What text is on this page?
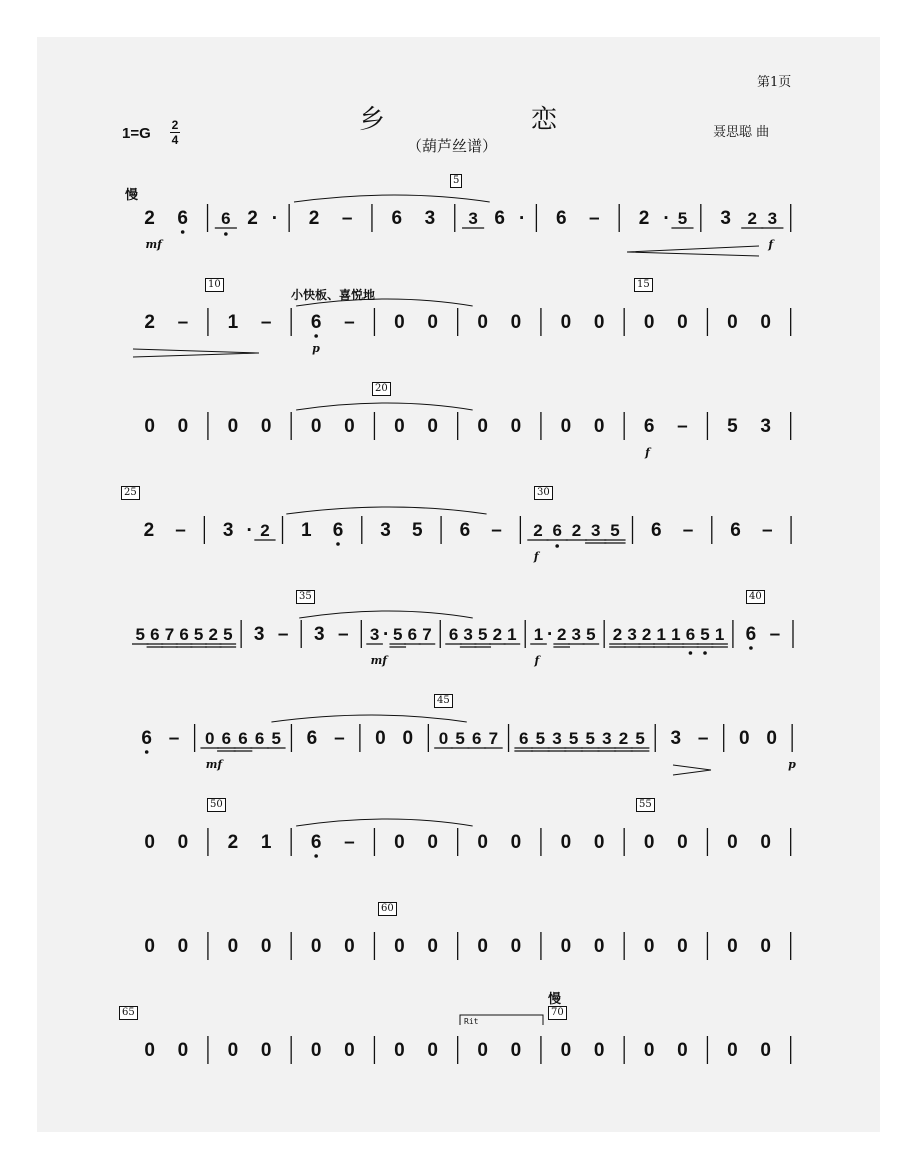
第1页
乡	恋
（葫芦丝谱）
聂思聪 曲
1=G 2
4
慢
小快板、喜悦地
慢
Rit
2 6 6 2 · 2 – 6 3 3 6 · 6 – 2 · 5 3 2 3
mf	f
2 – 1 – 6 – 0 0 0 0 0 0 0 0 0 0
p
0 0 0 0 0 0 0 0 0 0 0 0 6 – 5 3
f
2 – 3 · 2 1 6 3 5 6 – 2 6 2 3 5 6 – 6 –
f
5 6 7 6 5 2 5 3 – 3 – 3 · 5 6 7 6 3 5 2 1 1 · 2 3 5 2 3 2 1 1 6 5 1 6 –
mf	f
6 – 0 6 6 6 5 6 – 0 0 0 5 6 7 6 5 3 5 5 3 2 5 3 – 0 0
mf	p
0 0 2 1 6 – 0 0 0 0 0 0 0 0 0 0
0 0 0 0 0 0 0 0 0 0 0 0 0 0 0 0
0 0 0 0 0 0 0 0 0 0 0 0 0 0 0 0
5
10	15
20
25	30
35	40
45
50	55
60
65	70
